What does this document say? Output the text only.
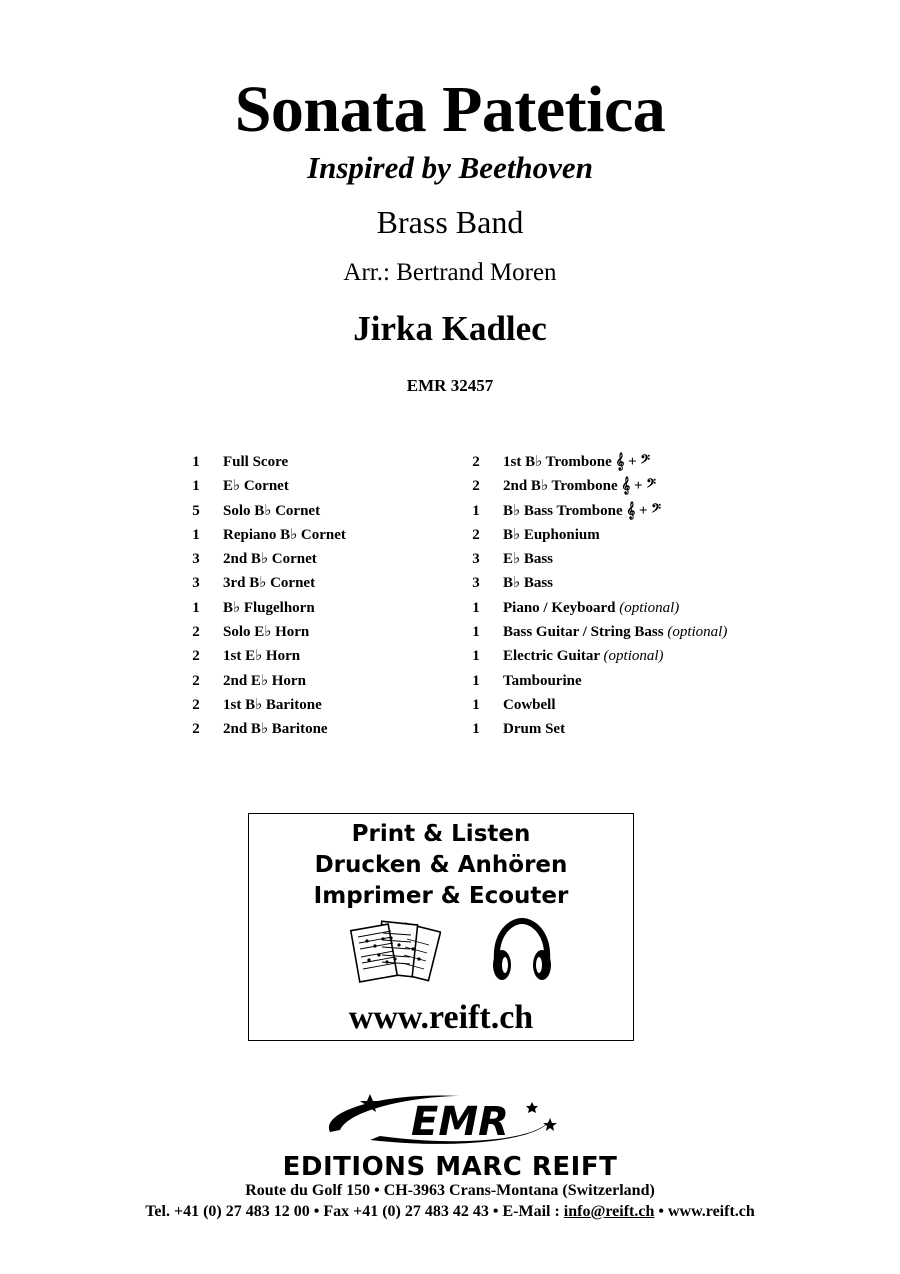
Sonata Patetica
Inspired by Beethoven
Brass Band
Arr.: Bertrand Moren
Jirka Kadlec
EMR 32457
1 Full Score
1 E♭ Cornet
5 Solo B♭ Cornet
1 Repiano B♭ Cornet
3 2nd B♭ Cornet
3 3rd B♭ Cornet
1 B♭ Flugelhorn
2 Solo E♭ Horn
2 1st E♭ Horn
2 2nd E♭ Horn
2 1st B♭ Baritone
2 2nd B♭ Baritone
2 1st B♭ Trombone 𝄞 + 𝄢
2 2nd B♭ Trombone 𝄞 + 𝄢
1 B♭ Bass Trombone 𝄞 + 𝄢
2 B♭ Euphonium
3 E♭ Bass
3 B♭ Bass
1 Piano / Keyboard (optional)
1 Bass Guitar / String Bass (optional)
1 Electric Guitar (optional)
1 Tambourine
1 Cowbell
1 Drum Set
Print & Listen
Drucken & Anhören
Imprimer & Ecouter
www.reift.ch
EMR
EDITIONS MARC REIFT
Route du Golf 150 • CH-3963 Crans-Montana (Switzerland)
Tel. +41 (0) 27 483 12 00 • Fax +41 (0) 27 483 42 43 • E-Mail : info@reift.ch • www.reift.ch
